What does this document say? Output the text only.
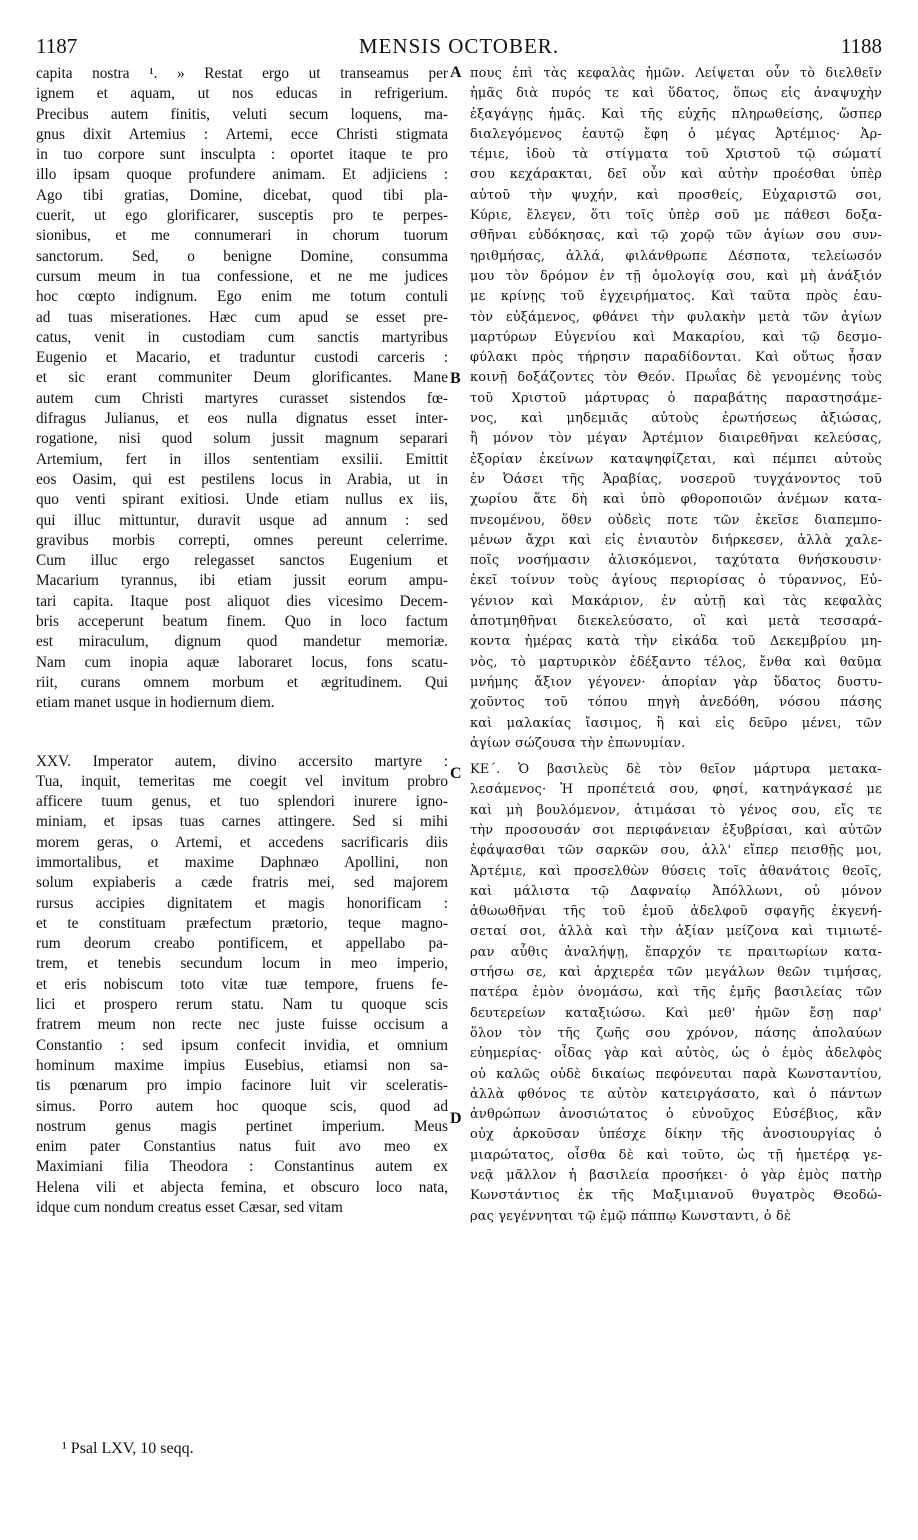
1187	MENSIS OCTOBER.	1188
capita nostra ¹. » Restat ergo ut transeamus per
ignem et aquam, ut nos educas in refrigerium.
Precibus autem finitis, veluti secum loquens, ma-
gnus dixit Artemius : Artemi, ecce Christi stigmata
in tuo corpore sunt insculpta : oportet itaque te pro
illo ipsam quoque profundere animam. Et adjiciens :
Ago tibi gratias, Domine, dicebat, quod tibi pla-
cuerit, ut ego glorificarer, susceptis pro te perpes-
sionibus, et me connumerari in chorum tuorum
sanctorum. Sed, o benigne Domine, consumma
cursum meum in tua confessione, et ne me judices
hoc cœpto indignum. Ego enim me totum contuli
ad tuas miserationes. Hæc cum apud se esset pre-
catus, venit in custodiam cum sanctis martyribus
Eugenio et Macario, et traduntur custodi carceris :
et sic erant communiter Deum glorificantes. Mane
autem cum Christi martyres curasset sistendos fœ-
difragus Julianus, et eos nulla dignatus esset inter-
rogatione, nisi quod solum jussit magnum separari
Artemium, fert in illos sententiam exsilii. Emittit
eos Oasim, qui est pestilens locus in Arabia, ut in
quo venti spirant exitiosi. Unde etiam nullus ex iis,
qui illuc mittuntur, duravit usque ad annum : sed
gravibus morbis correpti, omnes pereunt celerrime.
Cum illuc ergo relegasset sanctos Eugenium et
Macarium tyrannus, ibi etiam jussit eorum ampu-
tari capita. Itaque post aliquot dies vicesimo Decem-
bris acceperunt beatum finem. Quo in loco factum
est miraculum, dignum quod mandetur memoriæ.
Nam cum inopia aquæ laboraret locus, fons scatu-
riit, curans omnem morbum et ægritudinem. Qui
etiam manet usque in hodiernum diem.
XXV. Imperator autem, divino accersito martyre :
Tua, inquit, temeritas me coegit vel invitum probro
afficere tuum genus, et tuo splendori inurere igno-
miniam, et ipsas tuas carnes attingere. Sed si mihi
morem geras, o Artemi, et accedens sacrificaris diis
immortalibus, et maxime Daphnæo Apollini, non
solum expiaberis a cæde fratris mei, sed majorem
rursus accipies dignitatem et magis honorificam :
et te constituam præfectum prætorio, teque magno-
rum deorum creabo pontificem, et appellabo pa-
trem, et tenebis secundum locum in meo imperio,
et eris nobiscum toto vitæ tuæ tempore, fruens fe-
lici et prospero rerum statu. Nam tu quoque scis
fratrem meum non recte nec juste fuisse occisum a
Constantio : sed ipsum confecit invidia, et omnium
hominum maxime impius Eusebius, etiamsi non sa-
tis pœnarum pro impio facinore luit vir sceleratis-
simus. Porro autem hoc quoque scis, quod ad
nostrum genus magis pertinet imperium. Meus
enim pater Constantius natus fuit avo meo ex
Maximiani filia Theodora : Constantinus autem ex
Helena vili et abjecta femina, et obscuro loco nata,
idque cum nondum creatus esset Cæsar, sed vitam
πους ἐπὶ τὰς κεφαλὰς ἡμῶν. Λείψεται οὖν τὸ διελθεῖν
ἡμᾶς διὰ πυρός τε καὶ ὕδατος, ὅπως εἰς ἀναψυχὴν
ἐξαγάγῃς ἡμᾶς. Καὶ τῆς εὐχῆς πληρωθείσης, ὥσπερ
διαλεγόμενος ἑαυτῷ ἔφη ὁ μέγας Ἀρτέμιος· Ἀρ-
τέμιε, ἰδοὺ τὰ στίγματα τοῦ Χριστοῦ τῷ σώματί
σου κεχάρακται, δεῖ οὖν καὶ αὐτὴν προέσθαι ὑπὲρ
αὐτοῦ τὴν ψυχήν, καὶ προσθείς, Εὐχαριστῶ σοι,
Κύριε, ἔλεγεν, ὅτι τοῖς ὑπὲρ σοῦ με πάθεσι δοξα-
σθῆναι εὐδόκησας, καὶ τῷ χορῷ τῶν ἁγίων σου συν-
ηριθμήσας, ἀλλά, φιλάνθρωπε Δέσποτα, τελείωσόν
μου τὸν δρόμον ἐν τῇ ὁμολογίᾳ σου, καὶ μὴ ἀνάξιόν
με κρίνῃς τοῦ ἐγχειρήματος. Καὶ ταῦτα πρὸς ἑαυ-
τὸν εὐξάμενος, φθάνει τὴν φυλακὴν μετὰ τῶν ἁγίων
μαρτύρων Εὐγενίου καὶ Μακαρίου, καὶ τῷ δεσμο-
φύλακι πρὸς τήρησιν παραδίδονται. Καὶ οὕτως ἦσαν
κοινῇ δοξάζοντες τὸν Θεόν. Πρωΐας δὲ γενομένης τοὺς
τοῦ Χριστοῦ μάρτυρας ὁ παραβάτης παραστησάμε-
νος, καὶ μηδεμιᾶς αὐτοὺς ἐρωτήσεως ἀξιώσας,
ἢ μόνον τὸν μέγαν Ἀρτέμιον διαιρεθῆναι κελεύσας,
ἐξορίαν ἐκείνων καταψηφίζεται, καὶ πέμπει αὐτοὺς
ἐν Ὀάσει τῆς Ἀραβίας, νοσεροῦ τυγχάνοντος τοῦ
χωρίου ἅτε δὴ καὶ ὑπὸ φθοροποιῶν ἀνέμων κατα-
πνεομένου, ὅθεν οὐδεὶς ποτε τῶν ἐκεῖσε διαπεμπο-
μένων ἄχρι καὶ εἰς ἐνιαυτὸν διήρκεσεν, ἀλλὰ χαλε-
ποῖς νοσήμασιν ἁλισκόμενοι, ταχύτατα θνήσκουσιν·
ἐκεῖ τοίνυν τοὺς ἁγίους περιορίσας ὁ τύραννος, Εὐ-
γένιον καὶ Μακάριον, ἐν αὐτῇ καὶ τὰς κεφαλὰς
ἀποτμηθῆναι διεκελεύσατο, οἳ καὶ μετὰ τεσσαρά-
κοντα ἡμέρας κατὰ τὴν εἰκάδα τοῦ Δεκεμβρίου μη-
νὸς, τὸ μαρτυρικὸν ἐδέξαντο τέλος, ἔνθα καὶ θαῦμα
μνήμης ἄξιον γέγονεν· ἀπορίαν γὰρ ὕδατος δυστυ-
χοῦντος τοῦ τόπου πηγὴ ἀνεδόθη, νόσου πάσης
καὶ μαλακίας ἴασιμος, ἣ καὶ εἰς δεῦρο μένει, τῶν
ἁγίων σώζουσα τὴν ἐπωνυμίαν.
ΚΕ΄. Ὁ βασιλεὺς δὲ τὸν θεῖον μάρτυρα μετακα-
λεσάμενος· Ἡ προπέτειά σου, φησί, κατηνάγκασέ με
καὶ μὴ βουλόμενον, ἀτιμάσαι τὸ γένος σου, εἴς τε
τὴν προσουσάν σοι περιφάνειαν ἐξυβρίσαι, καὶ αὐτῶν
ἐφάψασθαι τῶν σαρκῶν σου, ἀλλ' εἴπερ πεισθῇς μοι,
Ἀρτέμιε, καὶ προσελθὼν θύσεις τοῖς ἀθανάτοις θεοῖς,
καὶ μάλιστα τῷ Δαφναίῳ Ἀπόλλωνι, οὐ μόνον
ἀθωωθῆναι τῆς τοῦ ἐμοῦ ἀδελφοῦ σφαγῆς ἐκγενή-
σεταί σοι, ἀλλὰ καὶ τὴν ἀξίαν μείζονα καὶ τιμιωτέ-
ραν αὖθις ἀναλήψῃ, ἔπαρχόν τε πραιτωρίων κατα-
στήσω σε, καὶ ἀρχιερέα τῶν μεγάλων θεῶν τιμήσας,
πατέρα ἐμὸν ὀνομάσω, καὶ τῆς ἐμῆς βασιλείας τῶν
δευτερείων καταξιώσω. Καὶ μεθ' ἡμῶν ἔσῃ παρ'
ὅλον τὸν τῆς ζωῆς σου χρόνον, πάσης ἀπολαύων
εὐημερίας· οἶδας γὰρ καὶ αὐτὸς, ὡς ὁ ἐμὸς ἀδελφὸς
οὐ καλῶς οὐδὲ δικαίως πεφόνευται παρὰ Κωνσταντίου,
ἀλλὰ φθόνος τε αὐτὸν κατειργάσατο, καὶ ὁ πάντων
ἀνθρώπων ἀνοσιώτατος ὁ εὐνοῦχος Εὐσέβιος, κἂν
οὐχ ἀρκοῦσαν ὑπέσχε δίκην τῆς ἀνοσιουργίας ὁ
μιαρώτατος, οἶσθα δὲ καὶ τοῦτο, ὡς τῇ ἡμετέρᾳ γε-
νεᾷ μᾶλλον ἡ βασιλεία προσήκει· ὁ γὰρ ἐμὸς πατὴρ
Κωνστάντιος ἐκ τῆς Μαξιμιανοῦ θυγατρὸς Θεοδώ-
ρας γεγέννηται τῷ ἐμῷ πάππῳ Κωνσταντι, ὁ δὲ
A
B
C
D
¹ Psal LXV, 10 seqq.
